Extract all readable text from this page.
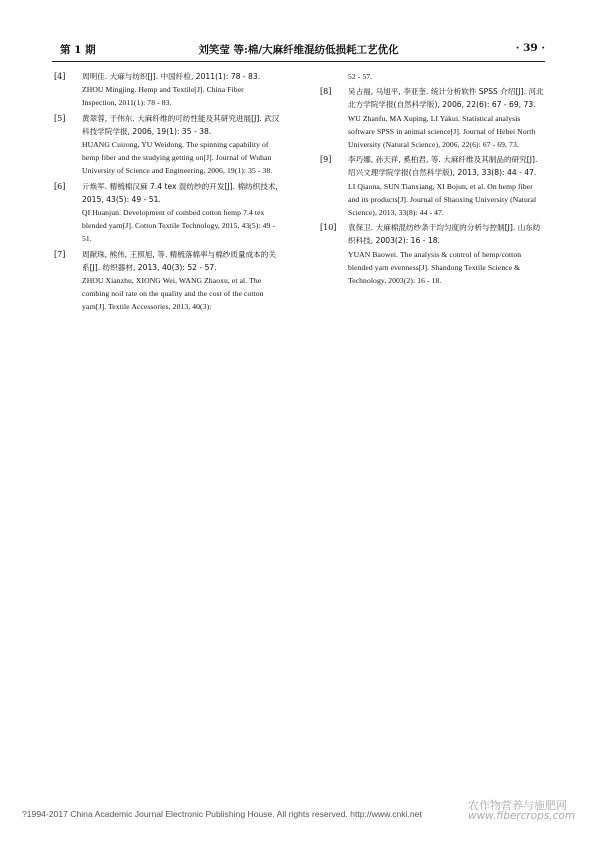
第 1 期	刘笑莹 等:棉/大麻纤维混纺低损耗工艺优化	· 39 ·
[4] 周明佳. 大麻与纺织[J]. 中国纤检, 2011(1): 78 - 83.
ZHOU Mingjing. Hemp and Textile[J]. China Fiber Inspection, 2011(1): 78 - 83.
[5] 黄翠蓉, 于伟东. 大麻纤维的可纺性能及其研究进展[J]. 武汉科技学院学报, 2006, 19(1): 35 - 38.
HUANG Cuirong, YU Weidong. The spinning capability of hemp fiber and the studying getting on[J]. Journal of Wuhan University of Science and Engineering, 2006, 19(1): 35 - 38.
[6] 亓焕军. 精梳棉汉麻 7.4 tex 混纺纱的开发[J]. 棉纺织技术, 2015, 43(5): 49 - 51.
QI Huanjun. Development of combed cotton hemp 7.4 tex blended yarn[J]. Cotton Textile Technology, 2015, 43(5): 49 - 51.
[7] 周献珠, 熊伟, 王照旭, 等. 精梳落棉率与棉纱质量成本的关系[J]. 纺织器材, 2013, 40(3): 52 - 57.
ZHOU Xianzhu, XIONG Wei, WANG Zhaoxu, et al. The combing noil rate on the quality and the cost of the cotton yarn[J]. Textile Accessories, 2013, 40(3):
52 - 57.
[8] 吴占福, 马旭平, 李亚奎. 统计分析软件 SPSS 介绍[J]. 河北北方学院学报(自然科学版), 2006, 22(6): 67 - 69, 73.
WU Zhanfu, MA Xuping, LI Yakui. Statistical analysis software SPSS in animal science[J]. Journal of Hebei North University (Natural Science), 2006, 22(6): 67 - 69, 73.
[9] 李巧娜, 孙天祥, 奚柏君, 等. 大麻纤维及其制品的研究[J]. 绍兴文理学院学报(自然科学版), 2013, 33(8): 44 - 47.
LI Qiaona, SUN Tianxiang, XI Bojun, et al. On hemp fiber and its products[J]. Journal of Shaoxing University (Natural Science), 2013, 33(8): 44 - 47.
[10] 袁保卫. 大麻棉混纺纱条干均匀度的分析与控制[J]. 山东纺织科技, 2003(2): 16 - 18.
YUAN Baowei. The analysis & control of hemp/cotton blended yarn evenness[J]. Shandong Textile Science & Technology, 2003(2): 16 - 18.
?1994-2017 China Academic Journal Electronic Publishing House. All rights reserved. http://www.cnki.net
农作物营养与施肥网
www.fibercrops.com
